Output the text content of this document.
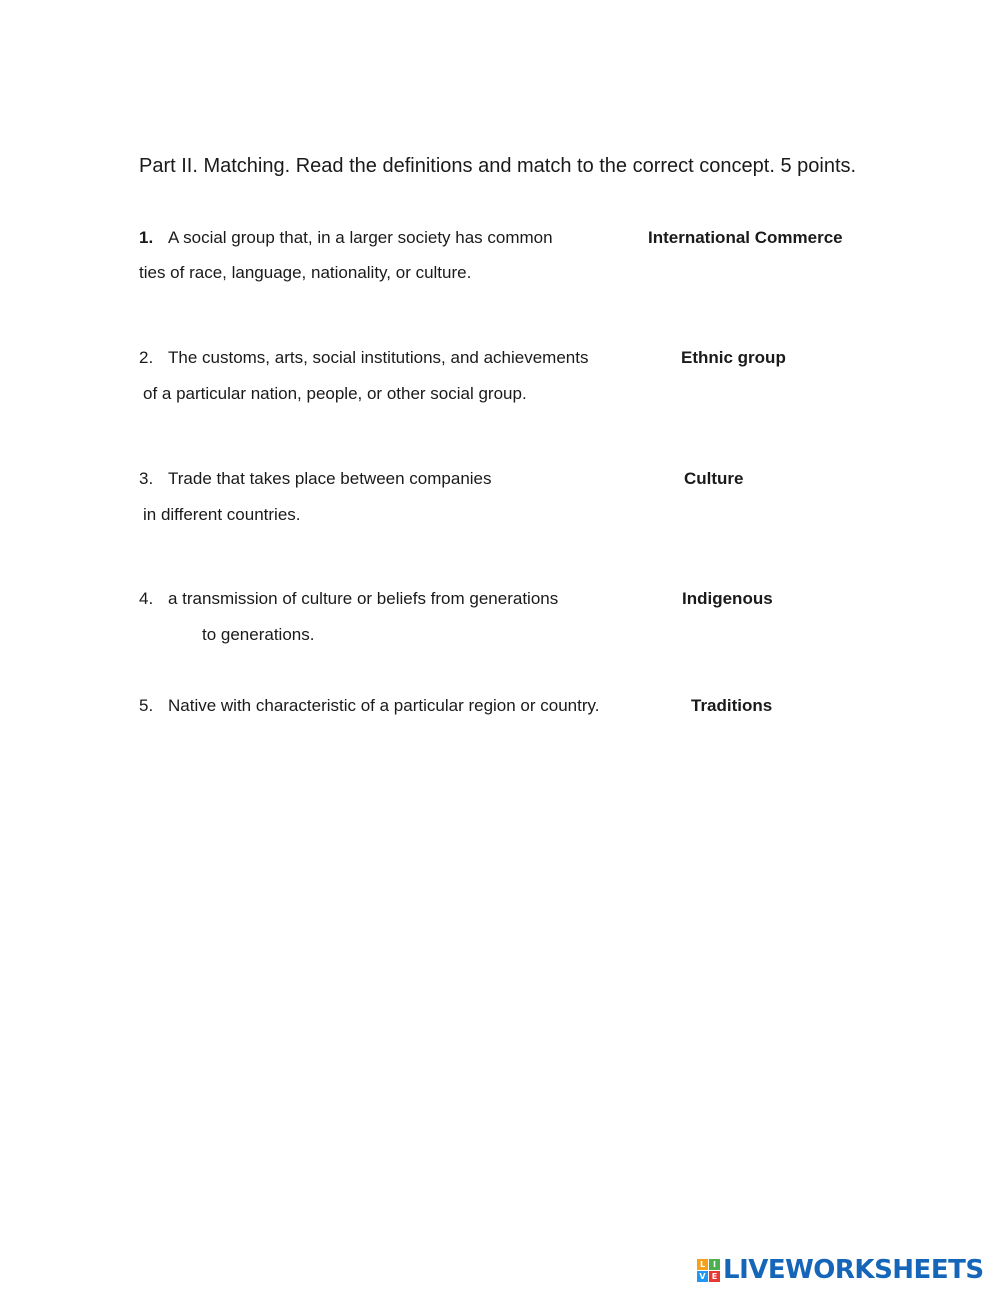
Part II. Matching. Read the definitions and match to the correct concept. 5 points.
1. A social group that, in a larger society has common
ties of race, language, nationality, or culture.
International Commerce
2. The customs, arts, social institutions, and achievements
of a particular nation, people, or other social group.
Ethnic group
3. Trade that takes place between companies
in different countries.
Culture
4. a transmission of culture or beliefs from generations
to generations.
Indigenous
5. Native with characteristic of a particular region or country.	Traditions
L I
V E LIVEWORKSHEETS
